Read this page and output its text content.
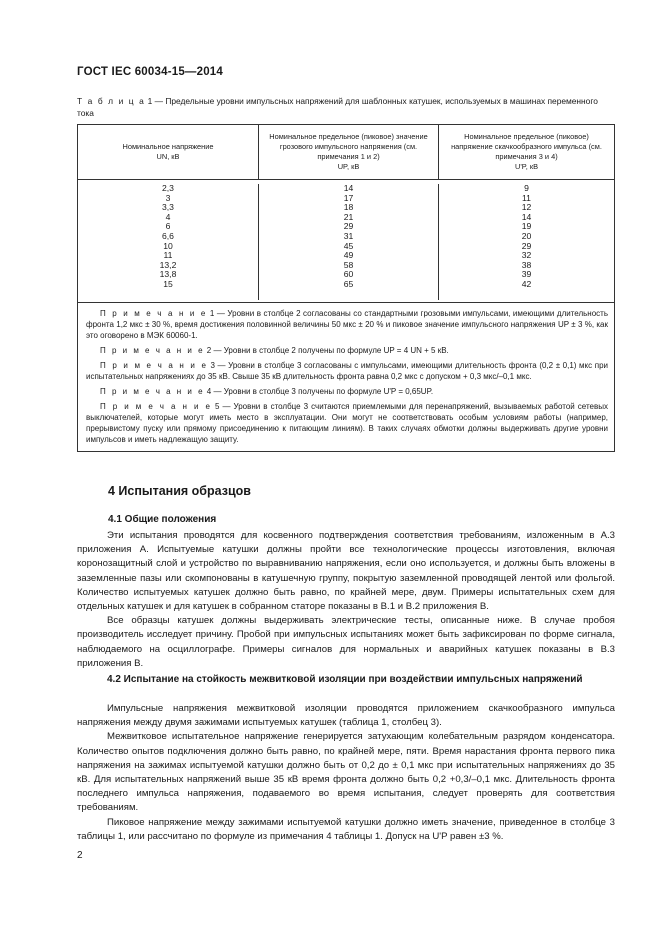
ГОСТ IEC 60034-15—2014
Т а б л и ц а 1 — Предельные уровни импульсных напряжений для шаблонных катушек, используемых в машинах переменного тока
Номинальное напряжение
UN, кВ
Номинальное предельное (пиковое) значение грозового импульсного напряжения (см. примечания 1 и 2)
UP, кВ
Номинальное предельное (пиковое) напряжение скачкообразного импульса (см. примечания 3 и 4)
U'P, кВ
2,3
3
3,3
4
6
6,6
10
11
13,2
13,8
15
14
17
18
21
29
31
45
49
58
60
65
9
11
12
14
19
20
29
32
38
39
42

П р и м е ч а н и е 1 — Уровни в столбце 2 согласованы со стандартными грозовыми импульсами, имеющими длительность фронта 1,2 мкс ± 30 %, время достижения половинной величины 50 мкс ± 20 % и пиковое значение импульсного напряжения UP ± 3 %, как это оговорено в МЭК 60060-1.

П р и м е ч а н и е 2 — Уровни в столбце 2 получены по формуле UP = 4 UN + 5 кВ.

П р и м е ч а н и е 3 — Уровни в столбце 3 согласованы с импульсами, имеющими длительность фронта (0,2 ± 0,1) мкс при испытательных напряжениях до 35 кВ. Свыше 35 кВ длительность фронта равна 0,2 мкс с допуском + 0,3 мкс/–0,1 мкс.

П р и м е ч а н и е 4 — Уровни в столбце 3 получены по формуле U'P = 0,65UP.

П р и м е ч а н и е 5 — Уровни в столбце 3 считаются приемлемыми для перенапряжений, вызываемых работой сетевых выключателей, которые могут иметь место в эксплуатации. Они могут не соответствовать особым условиям работы (например, прерывистому пуску или прямому присоединению к питающим линиям). В таких случаях обмотки должны выдерживать другие уровни импульсов и иметь надлежащую защиту.

4 Испытания образцов
4.1 Общие положения

Эти испытания проводятся для косвенного подтверждения соответствия требованиям, изложенным в А.3 приложения А. Испытуемые катушки должны пройти все технологические процессы изготовления, включая коронозащитный слой и устройство по выравниванию напряжения, если оно используется, и должны быть вложены в заземленные пазы или скомпонованы в катушечную группу, покрытую заземленной проводящей лентой или фольгой. Количество испытуемых катушек должно быть равно, по крайней мере, двум. Примеры испытательных схем для отдельных катушек и для катушек в собранном статоре показаны в В.1 и В.2 приложения В.

Все образцы катушек должны выдерживать электрические тесты, описанные ниже. В случае пробоя производитель исследует причину. Пробой при импульсных испытаниях может быть зафиксирован по форме сигнала, наблюдаемого на осциллографе. Примеры сигналов для нормальных и аварийных катушек показаны в В.3 приложения В.

4.2 Испытание на стойкость межвитковой изоляции при воздействии импульсных напряжений

Импульсные напряжения межвитковой изоляции проводятся приложением скачкообразного импульса напряжения между двумя зажимами испытуемых катушек (таблица 1, столбец 3).

Межвитковое испытательное напряжение генерируется затухающим колебательным разрядом конденсатора. Количество опытов подключения должно быть равно, по крайней мере, пяти. Время нарастания фронта первого пика напряжения на зажимах испытуемой катушки должно быть от 0,2 до ± 0,1 мкс при испытательных напряжениях до 35 кВ. Для испытательных напряжений выше 35 кВ время фронта должно быть 0,2 +0,3/–0,1 мкс. Длительность фронта последнего импульса напряжения, подаваемого во время испытания, следует проверять для соответствия требованиям.

Пиковое напряжение между зажимами испытуемой катушки должно иметь значение, приведенное в столбце 3 таблицы 1, или рассчитано по формуле из примечания 4 таблицы 1. Допуск на U'P равен ±3 %.

2
